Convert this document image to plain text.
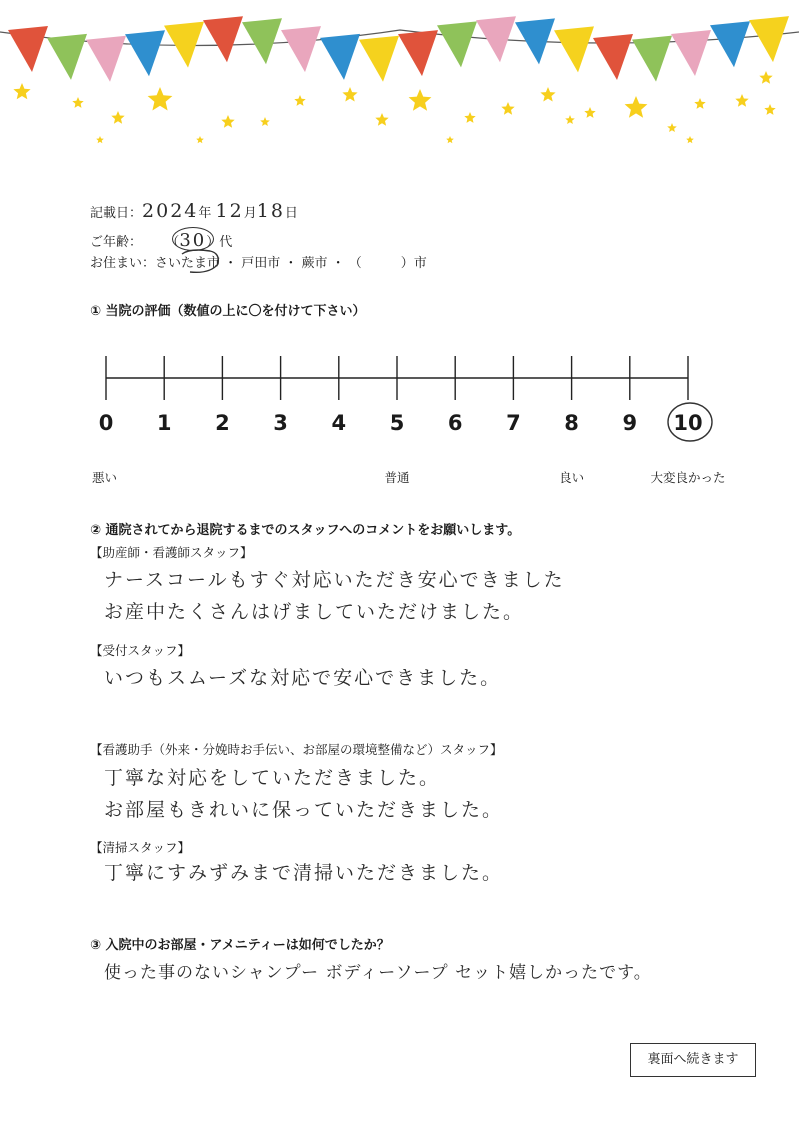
記載日：2024年 12月18日
ご年齢： （30）代
お住まい：さいたま市 ・ 戸田市 ・ 蕨市 ・ （　　　）市
① 当院の評価（数値の上に〇を付けて下さい）
0 1 2 3 4 5 6 7 8 9 10
悪い	普通	良い	大変良かった
② 通院されてから退院するまでのスタッフへのコメントをお願いします。
【助産師・看護師スタッフ】
ナースコールもすぐ対応いただき安心できました
お産中たくさんはげましていただけました。
【受付スタッフ】
いつもスムーズな対応で安心できました。
【看護助手（外来・分娩時お手伝い、お部屋の環境整備など）スタッフ】
丁寧な対応をしていただきました。
お部屋もきれいに保っていただきました。
【清掃スタッフ】
丁寧にすみずみまで清掃いただきました。
③ 入院中のお部屋・アメニティーは如何でしたか？
使った事のないシャンプー ボディーソープ セット嬉しかったです。
裏面へ続きます
